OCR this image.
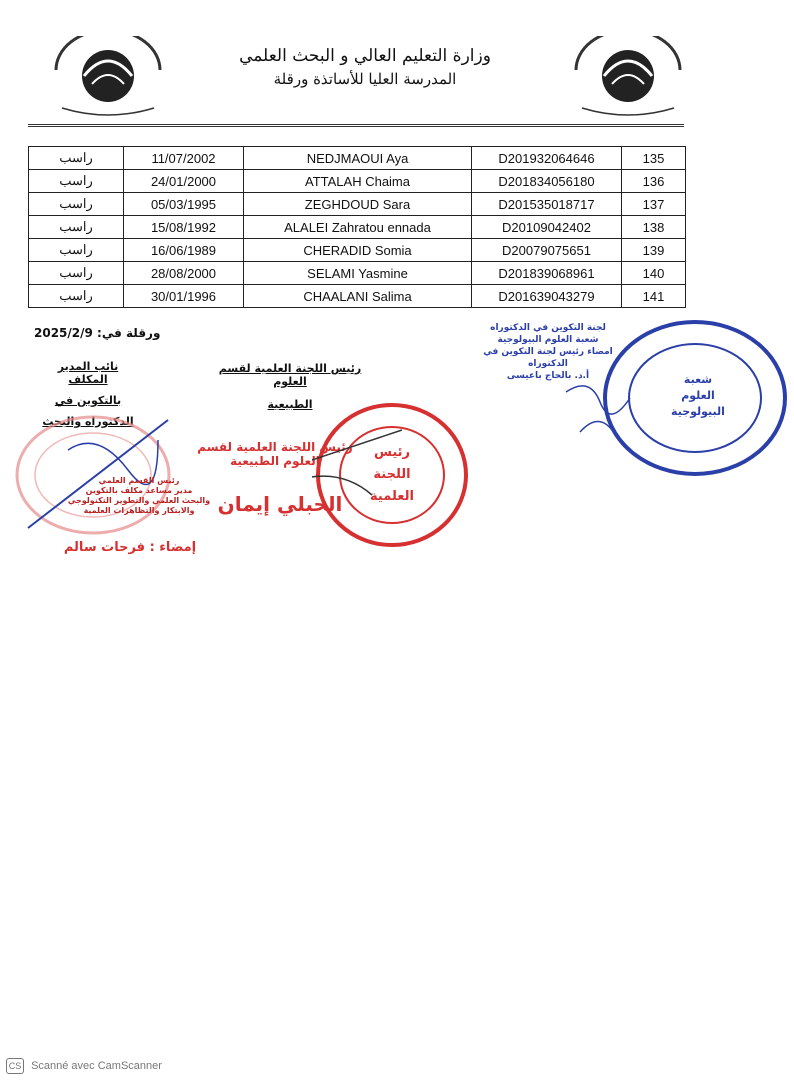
وزارة التعليم العالي و البحث العلمي
المدرسة العليا للأساتذة ورقلة
راسب	11/07/2002	NEDJMAOUI Aya	D201932064646	135
راسب	24/01/2000	ATTALAH Chaima	D201834056180	136
راسب	05/03/1995	ZEGHDOUD Sara	D201535018717	137
راسب	15/08/1992	ALALEI Zahratou ennada	D20109042402	138
راسب	16/06/1989	CHERADID Somia	D20079075651	139
راسب	28/08/2000	SELAMI Yasmine	D201839068961	140
راسب	30/01/1996	CHAALANI Salima	D201639043279	141
ورقلة في: 2025/2/9
نائب المدير المكلف
بالتكوين في
الدكتوراه والبحث
رئيس اللجنة العلمية لقسم العلوم
الطبيعية
رئيس القسم العلمي
مدير مساعد مكلف بالتكوين
والبحث العلمي والتطوير التكنولوجي
والابتكار والتظاهرات العلمية
إمضاء : فرحات سالم
رئيس اللجنة العلمية لقسم العلوم الطبيعية
رئيس
اللجنة
العلمية
الحبلي إيمان
شعبة
العلوم البيولوجية
لجنة التكوين في الدكتوراه
شعبة العلوم البيولوجية
امضاء رئيس لجنة التكوين في الدكتوراه
أ.د. بالحاج باعيسى
CS Scanné avec CamScanner
